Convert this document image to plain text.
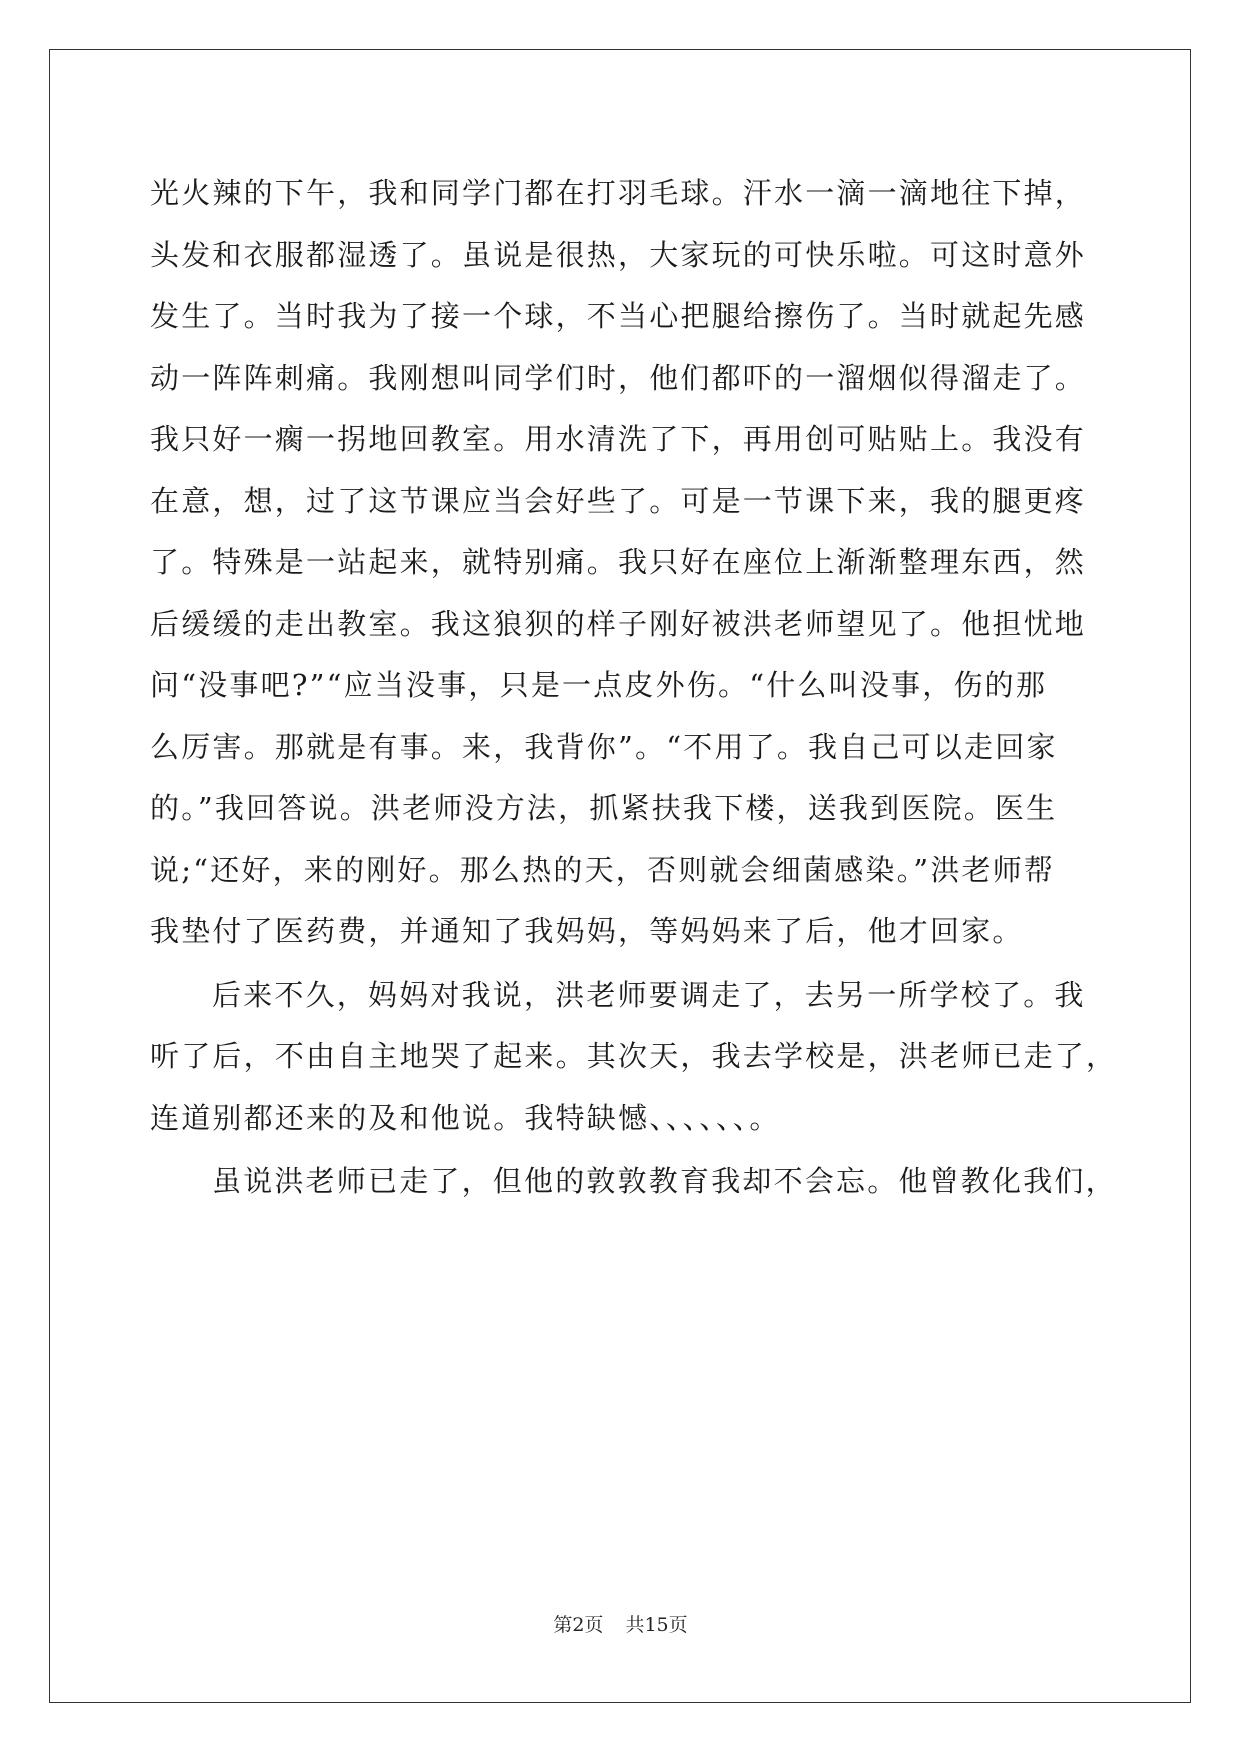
光火辣的下午，我和同学门都在打羽毛球。汗水一滴一滴地往下掉，
头发和衣服都湿透了。虽说是很热，大家玩的可快乐啦。可这时意外
发生了。当时我为了接一个球，不当心把腿给擦伤了。当时就起先感
动一阵阵刺痛。我刚想叫同学们时，他们都吓的一溜烟似得溜走了。
我只好一瘸一拐地回教室。用水清洗了下，再用创可贴贴上。我没有
在意，想，过了这节课应当会好些了。可是一节课下来，我的腿更疼
了。特殊是一站起来，就特别痛。我只好在座位上渐渐整理东西，然
后缓缓的走出教室。我这狼狈的样子刚好被洪老师望见了。他担忧地
问“没事吧?”“应当没事，只是一点皮外伤。“什么叫没事，伤的那
么厉害。那就是有事。来，我背你”。“不用了。我自己可以走回家
的。”我回答说。洪老师没方法，抓紧扶我下楼，送我到医院。医生
说;“还好，来的刚好。那么热的天，否则就会细菌感染。”洪老师帮
我垫付了医药费，并通知了我妈妈，等妈妈来了后，他才回家。
后来不久，妈妈对我说，洪老师要调走了，去另一所学校了。我
听了后，不由自主地哭了起来。其次天，我去学校是，洪老师已走了，
连道别都还来的及和他说。我特缺憾、、、、、、。
虽说洪老师已走了，但他的敦敦教育我却不会忘。他曾教化我们，
第2页 共15页
